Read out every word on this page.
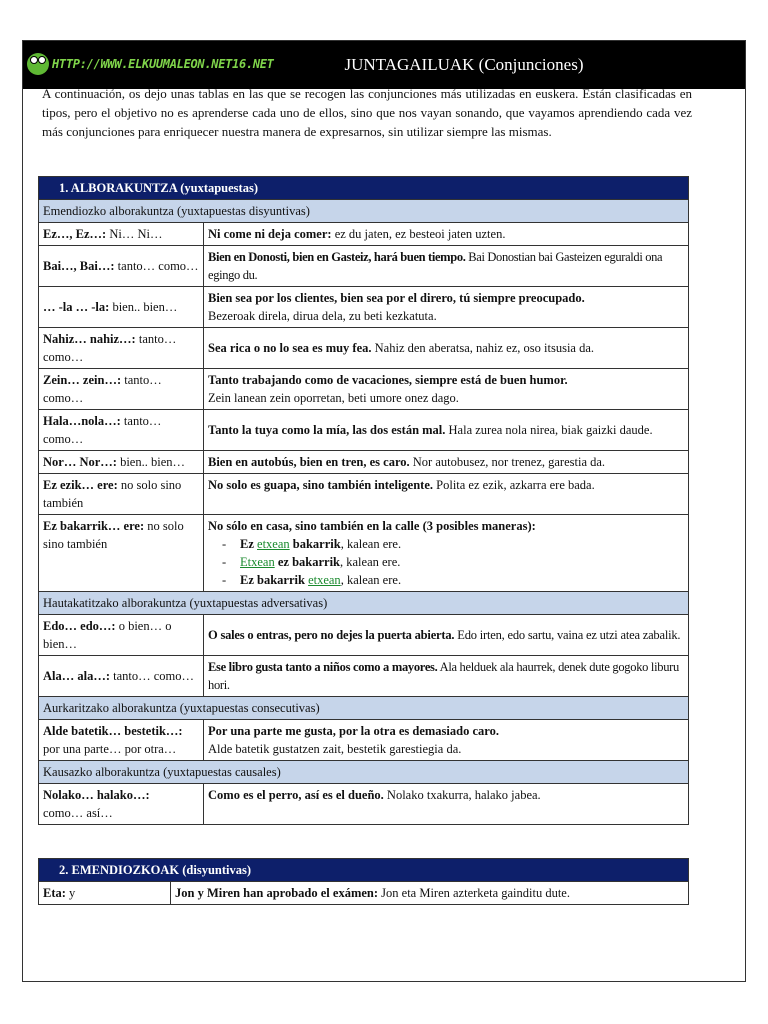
HTTP://WWW.ELKUUMALEON.NET16.NET	JUNTAGAILUAK (Conjunciones)
A continuación, os dejo unas tablas en las que se recogen las conjunciones más utilizadas en euskera. Están clasificadas en tipos, pero el objetivo no es aprenderse cada uno de ellos, sino que nos vayan sonando, que vayamos aprendiendo cada vez más conjunciones para enriquecer nuestra manera de expresarnos, sin utilizar siempre las mismas.
1. ALBORAKUNTZA (yuxtapuestas)	
Emendiozko alborakuntza (yuxtapuestas disyuntivas)	
Ez…, Ez…: Ni… Ni…	Ni come ni deja comer: ez du jaten, ez besteoi jaten uzten.
Bai…, Bai…: tanto… como…	Bien en Donosti, bien en Gasteiz, hará buen tiempo. Bai Donostian bai Gasteizen eguraldi ona egingo du.
… -la … -la: bien.. bien…	Bien sea por los clientes, bien sea por el direro, tú siempre preocupado.
Bezeroak direla, dirua dela, zu beti kezkatuta.
Nahiz… nahiz…: tanto… como…	Sea rica o no lo sea es muy fea. Nahiz den aberatsa, nahiz ez, oso itsusia da.
Zein… zein…: tanto… como…	Tanto trabajando como de vacaciones, siempre está de buen humor.
Zein lanean zein oporretan, beti umore onez dago.
Hala…nola…: tanto… como…	Tanto la tuya como la mía, las dos están mal. Hala zurea nola nirea, biak gaizki daude.
Nor… Nor…: bien.. bien…	Bien en autobús, bien en tren, es caro. Nor autobusez, nor trenez, garestia da.
Ez ezik… ere: no solo sino también	No solo es guapa, sino también inteligente. Polita ez ezik, azkarra ere bada.
Ez bakarrik… ere: no solo sino también	No sólo en casa, sino también en la calle (3 posibles maneras):
- Ez etxean bakarrik, kalean ere.
- Etxean ez bakarrik, kalean ere.
- Ez bakarrik etxean, kalean ere.

Hautakatitzako alborakuntza (yuxtapuestas adversativas)	
Edo… edo…: o bien… o bien…	O sales o entras, pero no dejes la puerta abierta. Edo irten, edo sartu, vaina ez utzi atea zabalik.
Ala… ala…: tanto… como…	Ese libro gusta tanto a niños como a mayores. Ala helduek ala haurrek, denek dute gogoko liburu hori.
Aurkaritzako alborakuntza (yuxtapuestas consecutivas)	
Alde batetik… bestetik…:
por una parte… por otra…	Por una parte me gusta, por la otra es demasiado caro.
Alde batetik gustatzen zait, bestetik garestiegia da.
Kausazko alborakuntza (yuxtapuestas causales)	
Nolako… halako…:
como… así…	Como es el perro, así es el dueño. Nolako txakurra, halako jabea.
2. EMENDIOZKOAK (disyuntivas)
Eta: y	Jon y Miren han aprobado el exámen: Jon eta Miren azterketa gainditu dute.
